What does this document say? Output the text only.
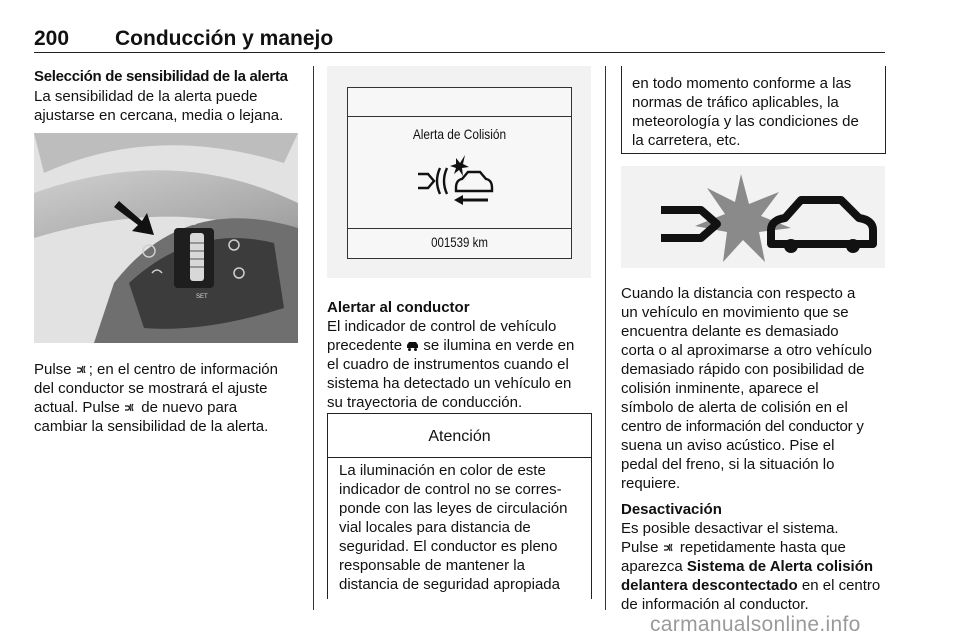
200 Conducción y manejo
Selección de sensibilidad de la alerta
La sensibilidad de la alerta puede
ajustarse en cercana, media o lejana.
RES
SET
Pulse ; en el centro de información
del conductor se mostrará el ajuste
actual. Pulse  de nuevo para
cambiar la sensibilidad de la alerta.
Alerta de Colisión
001539 km
Alertar al conductor
El indicador de control de vehículo
precedente  se ilumina en verde en
el cuadro de instrumentos cuando el
sistema ha detectado un vehículo en
su trayectoria de conducción.
Atención
La iluminación en color de este
indicador de control no se corres-
ponde con las leyes de circulación
vial locales para distancia de
seguridad. El conductor es pleno
responsable de mantener la
distancia de seguridad apropiada
en todo momento conforme a las
normas de tráfico aplicables, la
meteorología y las condiciones de
la carretera, etc.
Cuando la distancia con respecto a
un vehículo en movimiento que se
encuentra delante es demasiado
corta o al aproximarse a otro vehículo
demasiado rápido con posibilidad de
colisión inminente, aparece el
símbolo de alerta de colisión en el
centro de información del conductor y
suena un aviso acústico. Pise el
pedal del freno, si la situación lo
requiere.
Desactivación
Es posible desactivar el sistema.
Pulse  repetidamente hasta que
aparezca Sistema de Alerta colisión
delantera descontectado en el centro
de información al conductor.
carmanualsonline.info
